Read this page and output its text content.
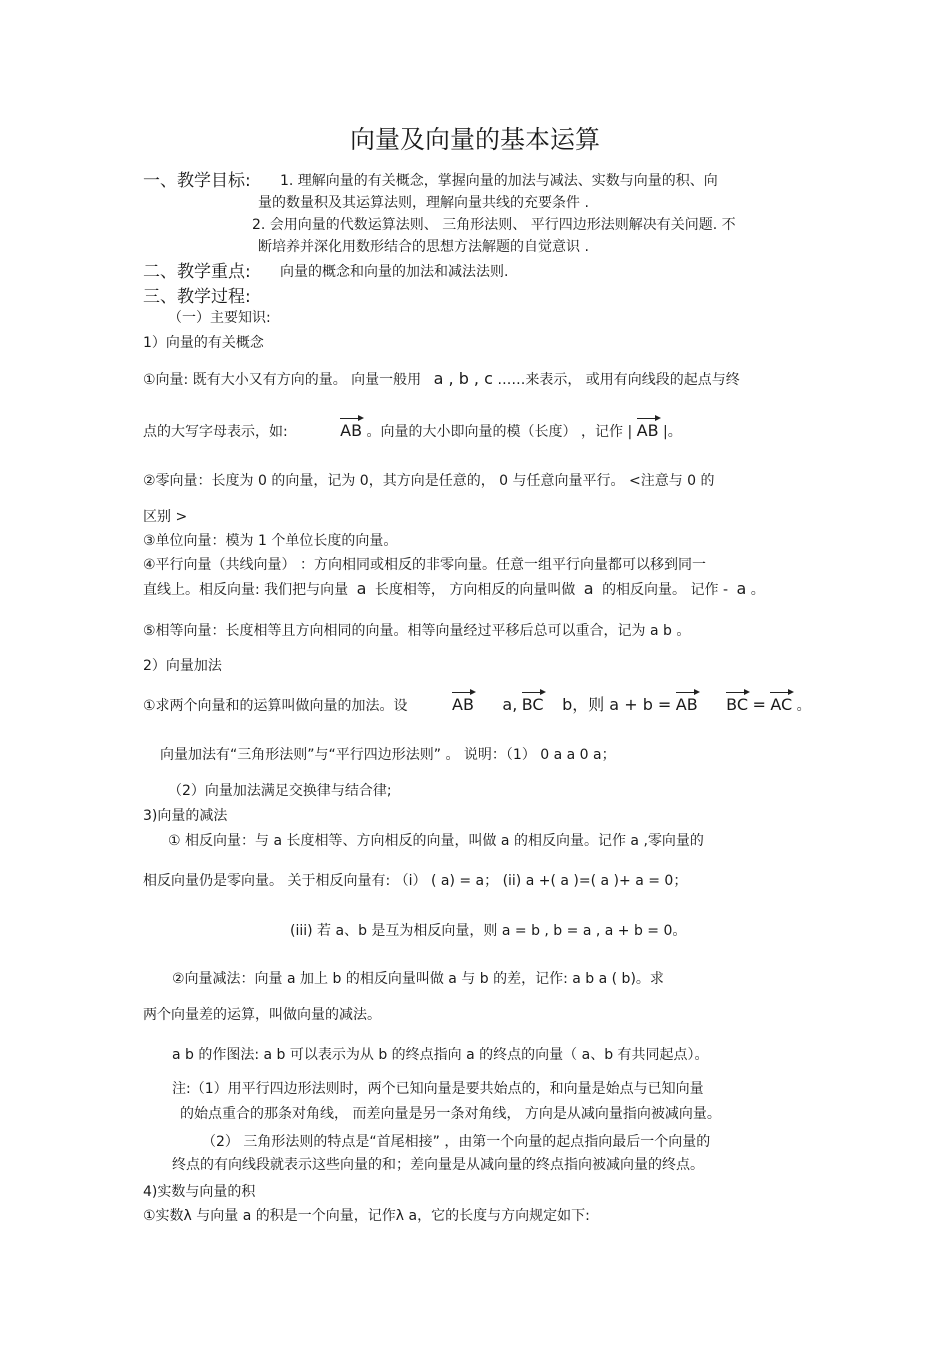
向量及向量的基本运算
一、教学目标: 1. 理解向量的有关概念，掌握向量的加法与减法、实数与向量的积、向
量的数量积及其运算法则，理解向量共线的充要条件 .
2. 会用向量的代数运算法则、 三角形法则、 平行四边形法则解决有关问题. 不
断培养并深化用数形结合的思想方法解题的自觉意识 .
二、教学重点: 向量的概念和向量的加法和减法法则.
三、教学过程:
（一）主要知识:
1）向量的有关概念
①向量: 既有大小又有方向的量。 向量一般用 a , b , c ……来表示， 或用有向线段的起点与终
点的大写字母表示，如:	AB 。向量的大小即向量的模（长度） ，记作 | AB |。
②零向量：长度为 0 的向量，记为 0，其方向是任意的， 0 与任意向量平行。 <注意与 0 的
区别 >
③单位向量：模为 1 个单位长度的向量。
④平行向量（共线向量） ：方向相同或相反的非零向量。任意一组平行向量都可以移到同一
直线上。相反向量: 我们把与向量 a 长度相等， 方向相反的向量叫做 a 的相反向量。 记作 - a 。
⑤相等向量：长度相等且方向相同的向量。相等向量经过平移后总可以重合，记为 a b 。
2）向量加法
①求两个向量和的运算叫做向量的加法。设	AB a, BC b，则 a + b = AB BC = AC 。
向量加法有“三角形法则”与“平行四边形法则” 。 说明：（1） 0 a a 0 a；
（2）向量加法满足交换律与结合律;
3)向量的减法
① 相反向量：与 a 长度相等、方向相反的向量，叫做 a 的相反向量。记作 a ,零向量的
相反向量仍是零向量。 关于相反向量有: （i） ( a) = a； (ii) a +( a )=( a )+ a = 0；
(iii) 若 a、b 是互为相反向量，则 a = b , b = a , a + b = 0。
②向量减法：向量 a 加上 b 的相反向量叫做 a 与 b 的差，记作: a b a ( b)。求
两个向量差的运算，叫做向量的减法。
a b 的作图法: a b 可以表示为从 b 的终点指向 a 的终点的向量（ a、b 有共同起点）。
注:（1）用平行四边形法则时，两个已知向量是要共始点的，和向量是始点与已知向量
的始点重合的那条对角线， 而差向量是另一条对角线， 方向是从减向量指向被减向量。
（2） 三角形法则的特点是“首尾相接” ，由第一个向量的起点指向最后一个向量的
终点的有向线段就表示这些向量的和；差向量是从减向量的终点指向被减向量的终点。
4)实数与向量的积
①实数λ 与向量 a 的积是一个向量，记作λ a，它的长度与方向规定如下:
